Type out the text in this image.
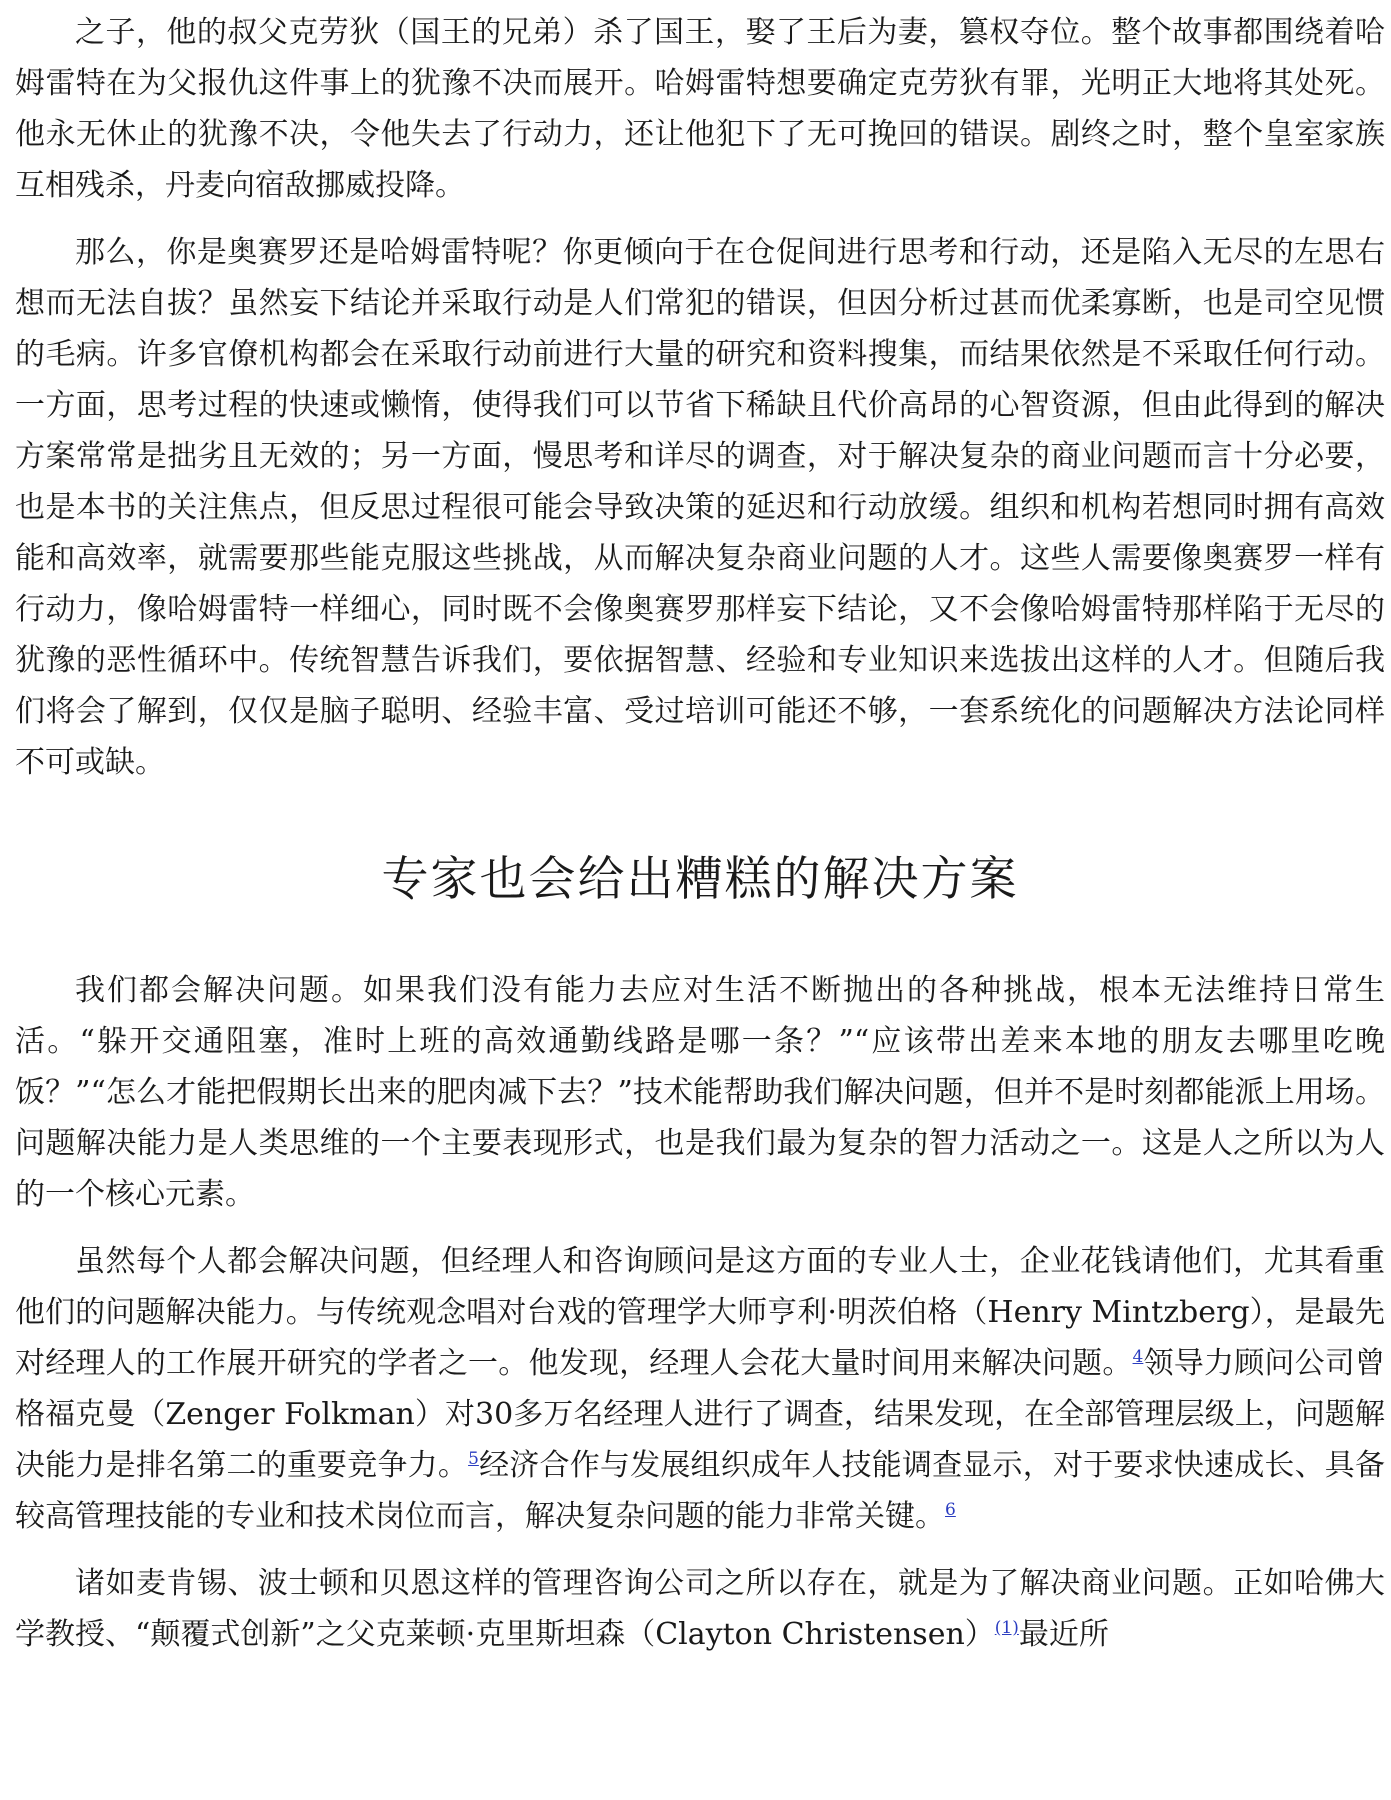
之子，他的叔父克劳狄（国王的兄弟）杀了国王，娶了王后为妻，篡权夺位。整个故事都围绕着哈姆雷特在为父报仇这件事上的犹豫不决而展开。哈姆雷特想要确定克劳狄有罪，光明正大地将其处死。他永无休止的犹豫不决，令他失去了行动力，还让他犯下了无可挽回的错误。剧终之时，整个皇室家族互相残杀，丹麦向宿敌挪威投降。

那么，你是奥赛罗还是哈姆雷特呢？你更倾向于在仓促间进行思考和行动，还是陷入无尽的左思右想而无法自拔？虽然妄下结论并采取行动是人们常犯的错误，但因分析过甚而优柔寡断，也是司空见惯的毛病。许多官僚机构都会在采取行动前进行大量的研究和资料搜集，而结果依然是不采取任何行动。一方面，思考过程的快速或懒惰，使得我们可以节省下稀缺且代价高昂的心智资源，但由此得到的解决方案常常是拙劣且无效的；另一方面，慢思考和详尽的调查，对于解决复杂的商业问题而言十分必要，也是本书的关注焦点，但反思过程很可能会导致决策的延迟和行动放缓。组织和机构若想同时拥有高效能和高效率，就需要那些能克服这些挑战，从而解决复杂商业问题的人才。这些人需要像奥赛罗一样有行动力，像哈姆雷特一样细心，同时既不会像奥赛罗那样妄下结论，又不会像哈姆雷特那样陷于无尽的犹豫的恶性循环中。传统智慧告诉我们，要依据智慧、经验和专业知识来选拔出这样的人才。但随后我们将会了解到，仅仅是脑子聪明、经验丰富、受过培训可能还不够，一套系统化的问题解决方法论同样不可或缺。

专家也会给出糟糕的解决方案

我们都会解决问题。如果我们没有能力去应对生活不断抛出的各种挑战，根本无法维持日常生活。“躲开交通阻塞，准时上班的高效通勤线路是哪一条？”“应该带出差来本地的朋友去哪里吃晚饭？”“怎么才能把假期长出来的肥肉减下去？”技术能帮助我们解决问题，但并不是时刻都能派上用场。问题解决能力是人类思维的一个主要表现形式，也是我们最为复杂的智力活动之一。这是人之所以为人的一个核心元素。

虽然每个人都会解决问题，但经理人和咨询顾问是这方面的专业人士，企业花钱请他们，尤其看重他们的问题解决能力。与传统观念唱对台戏的管理学大师亨利·明茨伯格（Henry Mintzberg），是最先对经理人的工作展开研究的学者之一。他发现，经理人会花大量时间用来解决问题。$^4$领导力顾问公司曾格福克曼（Zenger Folkman）对30多万名经理人进行了调查，结果发现，在全部管理层级上，问题解决能力是排名第二的重要竞争力。$^5$经济合作与发展组织成年人技能调查显示，对于要求快速成长、具备较高管理技能的专业和技术岗位而言，解决复杂问题的能力非常关键。$^6$

诸如麦肯锡、波士顿和贝恩这样的管理咨询公司之所以存在，就是为了解决商业问题。正如哈佛大学教授、“颠覆式创新”之父克莱顿·克里斯坦森（Clayton Christensen）$^{(1)}$最近所
